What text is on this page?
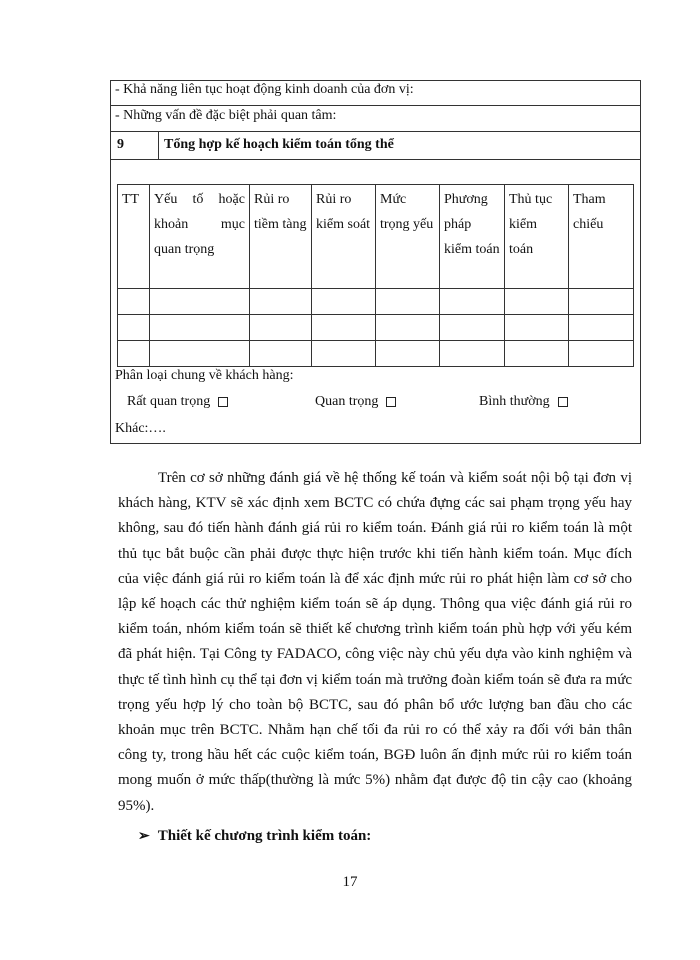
- Khả năng liên tục hoạt động kinh doanh của đơn vị:
- Những vấn đề đặc biệt phải quan tâm:
9	Tổng hợp kế hoạch kiểm toán tổng thể
TT	Yếu tố hoặc khoản mục quan trọng	Rủi ro tiềm tàng	Rủi ro kiểm soát	Mức trọng yếu	Phương pháp kiểm toán	Thủ tục kiểm toán	Tham chiếu

Phân loại chung về khách hàng:
Rất quan trọng	Quan trọng	Bình thường
Khác:….
Trên cơ sở những đánh giá về hệ thống kế toán và kiểm soát nội bộ tại đơn vị khách hàng, KTV sẽ xác định xem BCTC có chứa đựng các sai phạm trọng yếu hay không, sau đó tiến hành đánh giá rủi ro kiểm toán. Đánh giá rủi ro kiểm toán là một thủ tục bắt buộc cần phải được thực hiện trước khi tiến hành kiểm toán. Mục đích của việc đánh giá rủi ro kiểm toán là để xác định mức rủi ro phát hiện làm cơ sở cho lập kế hoạch các thử nghiệm kiểm toán sẽ áp dụng. Thông qua việc đánh giá rủi ro kiểm toán, nhóm kiểm toán sẽ thiết kế chương trình kiểm toán phù hợp với yếu kém đã phát hiện. Tại Công ty FADACO, công việc này chủ yếu dựa vào kinh nghiệm và thực tế tình hình cụ thể tại đơn vị kiểm toán mà trưởng đoàn kiểm toán sẽ đưa ra mức trọng yếu hợp lý cho toàn bộ BCTC, sau đó phân bổ ước lượng ban đầu cho các khoản mục trên BCTC. Nhằm hạn chế tối đa rủi ro có thể xảy ra đối với bản thân công ty, trong hầu hết các cuộc kiểm toán, BGĐ luôn ấn định mức rủi ro kiểm toán mong muốn ở mức thấp(thường là mức 5%) nhằm đạt được độ tin cậy cao (khoảng 95%).
➢ Thiết kế chương trình kiểm toán:
17
